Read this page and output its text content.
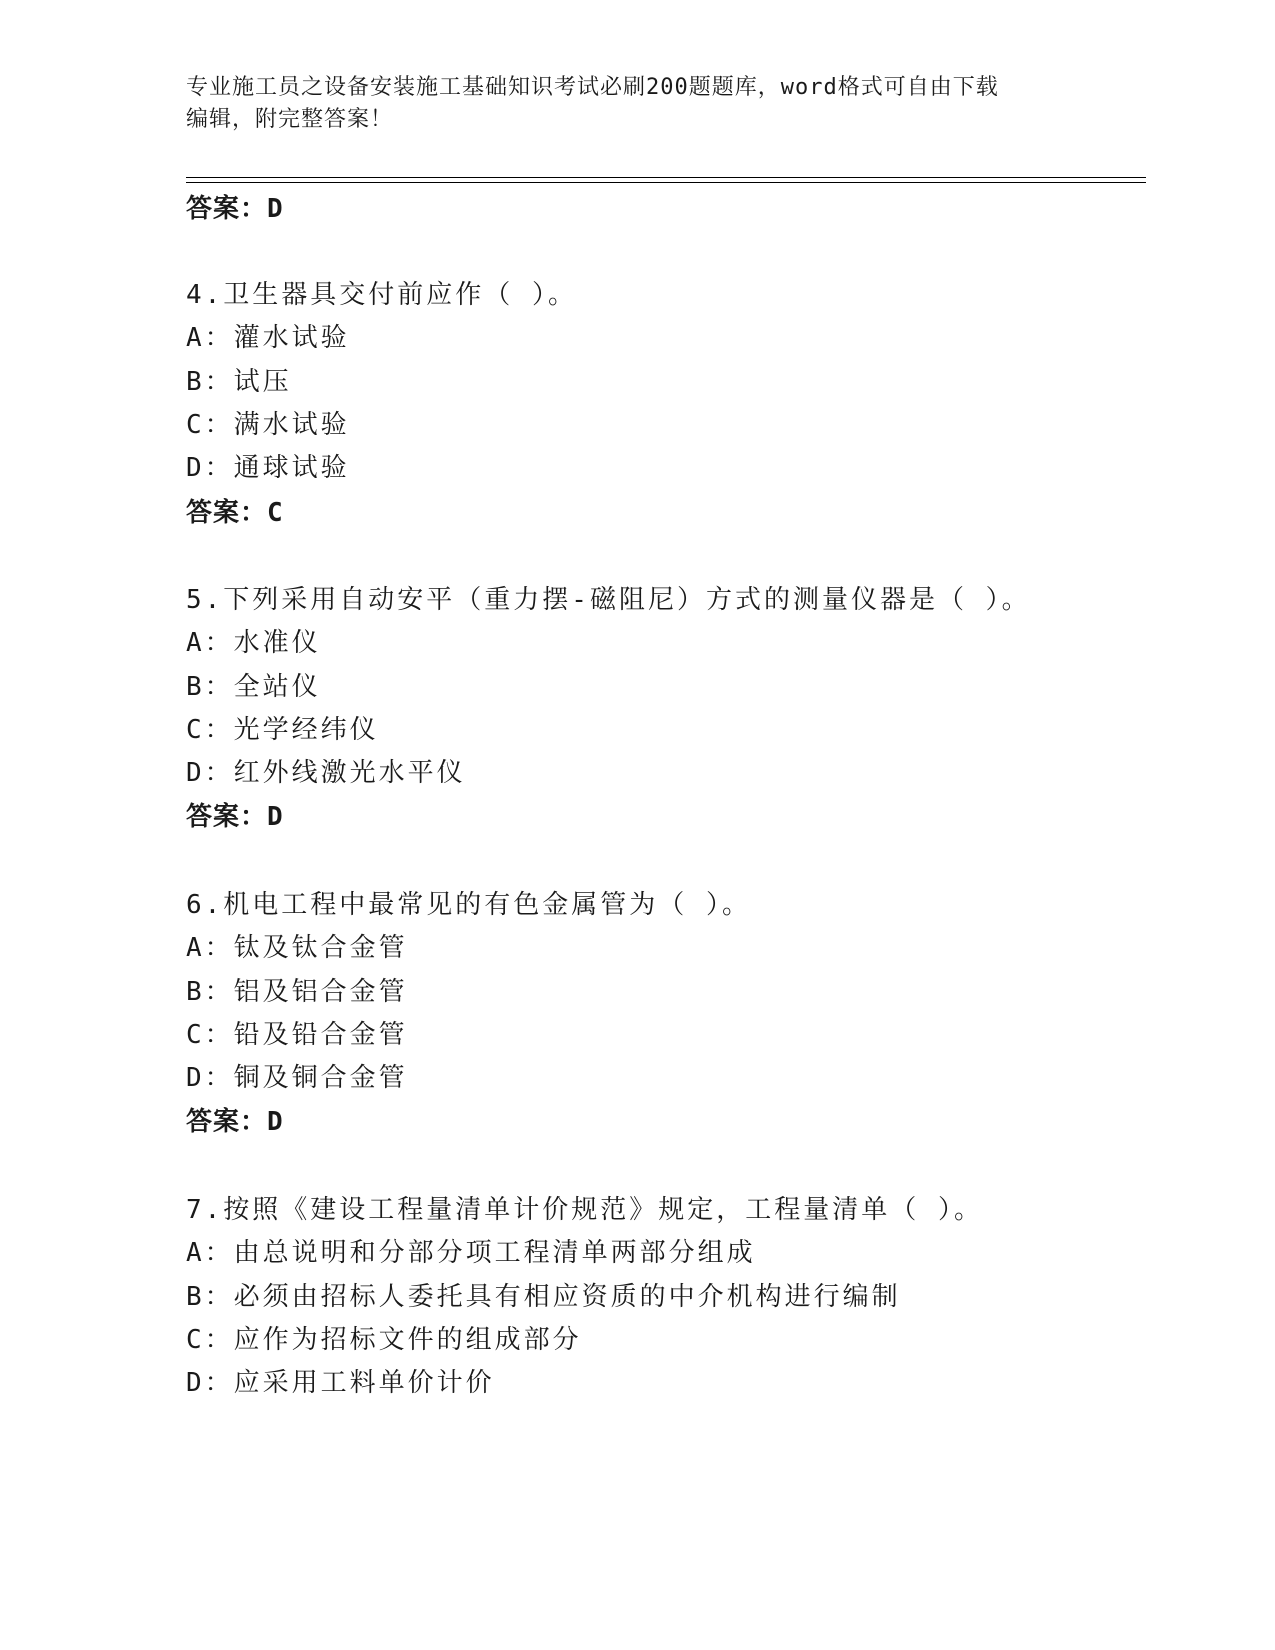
专业施工员之设备安装施工基础知识考试必刷200题题库，word格式可自由下载
编辑，附完整答案！
答案：D
4.卫生器具交付前应作（ ）。
A：灌水试验
B：试压
C：满水试验
D：通球试验
答案：C
5.下列采用自动安平（重力摆-磁阻尼）方式的测量仪器是（ ）。
A：水准仪
B：全站仪
C：光学经纬仪
D：红外线激光水平仪
答案：D
6.机电工程中最常见的有色金属管为（ ）。
A：钛及钛合金管
B：铝及铝合金管
C：铅及铅合金管
D：铜及铜合金管
答案：D
7.按照《建设工程量清单计价规范》规定，工程量清单（ ）。
A：由总说明和分部分项工程清单两部分组成
B：必须由招标人委托具有相应资质的中介机构进行编制
C：应作为招标文件的组成部分
D：应采用工料单价计价
